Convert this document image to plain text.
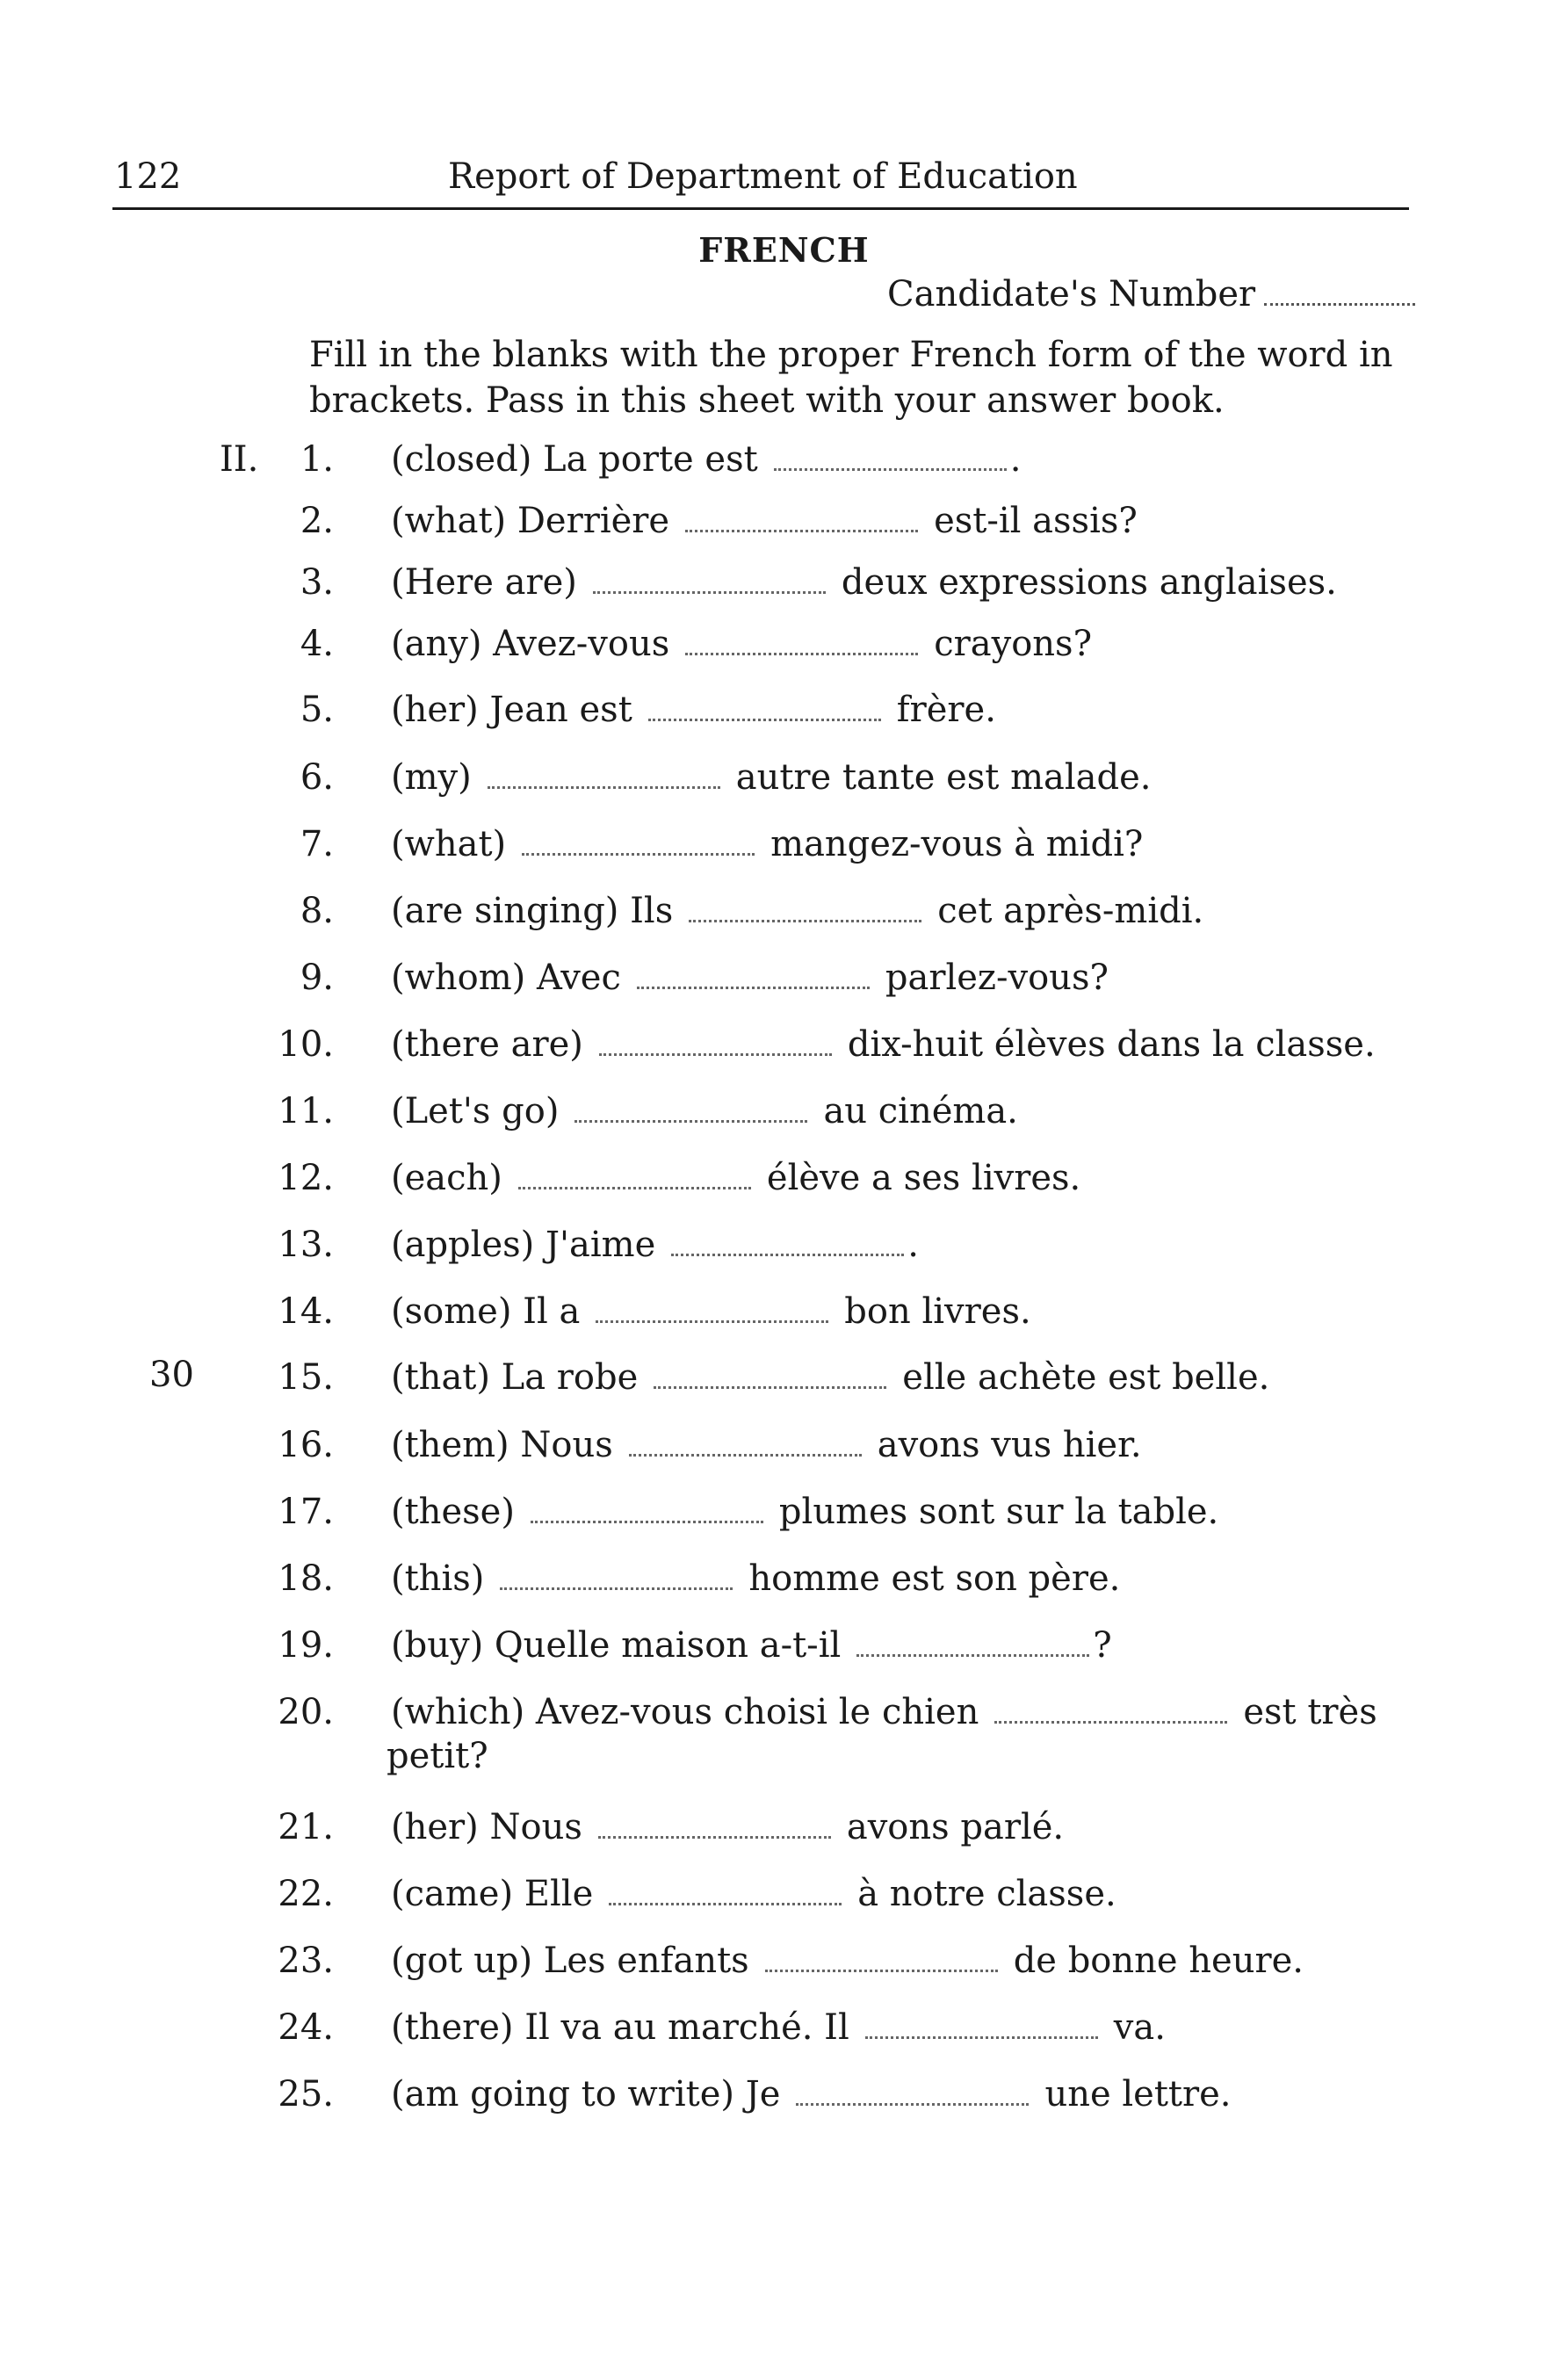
122	Report of Department of Education
FRENCH
Candidate's Number
Fill in the blanks with the proper French form of the word in brackets. Pass in this sheet with your answer book.
II.
30
1. (closed) La porte est	.
2. (what) Derrière	est-il assis?
3. (Here are)	deux expressions anglaises.
4. (any) Avez-vous	crayons?
5. (her) Jean est	frère.
6. (my)	autre tante est malade.
7. (what)	mangez-vous à midi?
8. (are singing) Ils	cet après-midi.
9. (whom) Avec	parlez-vous?
10. (there are)	dix-huit élèves dans la classe.
11. (Let's go)	au cinéma.
12. (each)	élève a ses livres.
13. (apples) J'aime	.
14. (some) Il a	bon livres.
15. (that) La robe	elle achète est belle.
16. (them) Nous	avons vus hier.
17. (these)	plumes sont sur la table.
18. (this)	homme est son père.
19. (buy) Quelle maison a-t-il	?
20. (which) Avez-vous choisi le chien	est très
petit?
21. (her) Nous	avons parlé.
22. (came) Elle	à notre classe.
23. (got up) Les enfants	de bonne heure.
24. (there) Il va au marché. Il	va.
25. (am going to write) Je	une lettre.
